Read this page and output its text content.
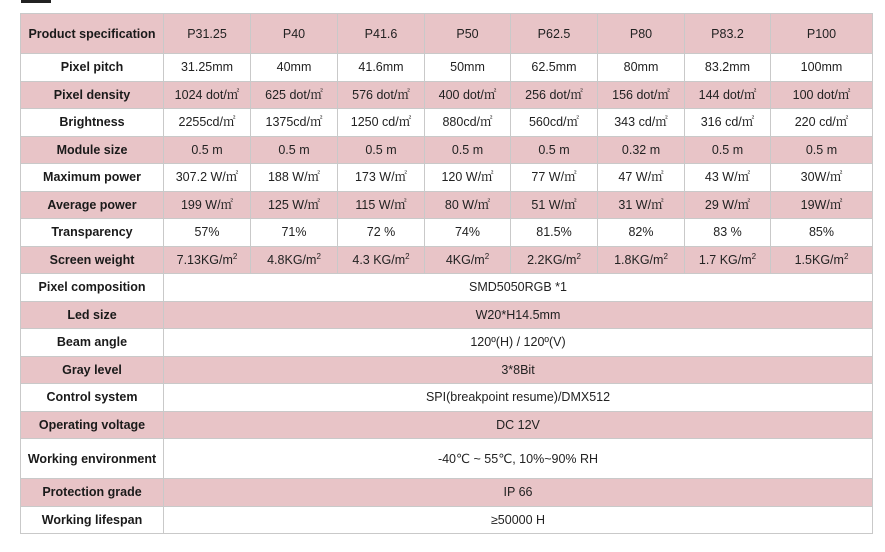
Product specification	P31.25	P40	P41.6	P50	P62.5	P80	P83.2	P100
Pixel pitch	31.25mm	40mm	41.6mm	50mm	62.5mm	80mm	83.2mm	100mm
Pixel density	1024 dot/㎡	625 dot/㎡	576 dot/㎡	400 dot/㎡	256 dot/㎡	156 dot/㎡	144 dot/㎡	100 dot/㎡
Brightness	2255cd/㎡	1375cd/㎡	1250 cd/㎡	880cd/㎡	560cd/㎡	343 cd/㎡	316 cd/㎡	220 cd/㎡
Module size	0.5 m	0.5 m	0.5 m	0.5 m	0.5 m	0.32 m	0.5 m	0.5 m
Maximum power	307.2 W/㎡	188 W/㎡	173 W/㎡	120 W/㎡	77 W/㎡	47 W/㎡	43 W/㎡	30W/㎡
Average power	199 W/㎡	125 W/㎡	115 W/㎡	80 W/㎡	51 W/㎡	31 W/㎡	29 W/㎡	19W/㎡
Transparency	57%	71%	72 %	74%	81.5%	82%	83 %	85%
Screen weight	$7.13KG/m^2$	$4.8KG/m^2$	4.3 $KG/m^2$	$4KG/m^2$	$2.2KG/m^2$	$1.8KG/m^2$	1.7 $KG/m^2$	$1.5KG/m^2$
Pixel composition	SMD5050RGB *1							
Led size	W20*H14.5mm							
Beam angle	120º(H) / 120º(V)							
Gray level	3*8Bit							
Control system	SPI(breakpoint resume)/DMX512							
Operating voltage	DC 12V							
Working environment	-40℃ ~ 55℃, 10%~90% RH							
Protection grade	IP 66							
Working lifespan	≥50000 H							
